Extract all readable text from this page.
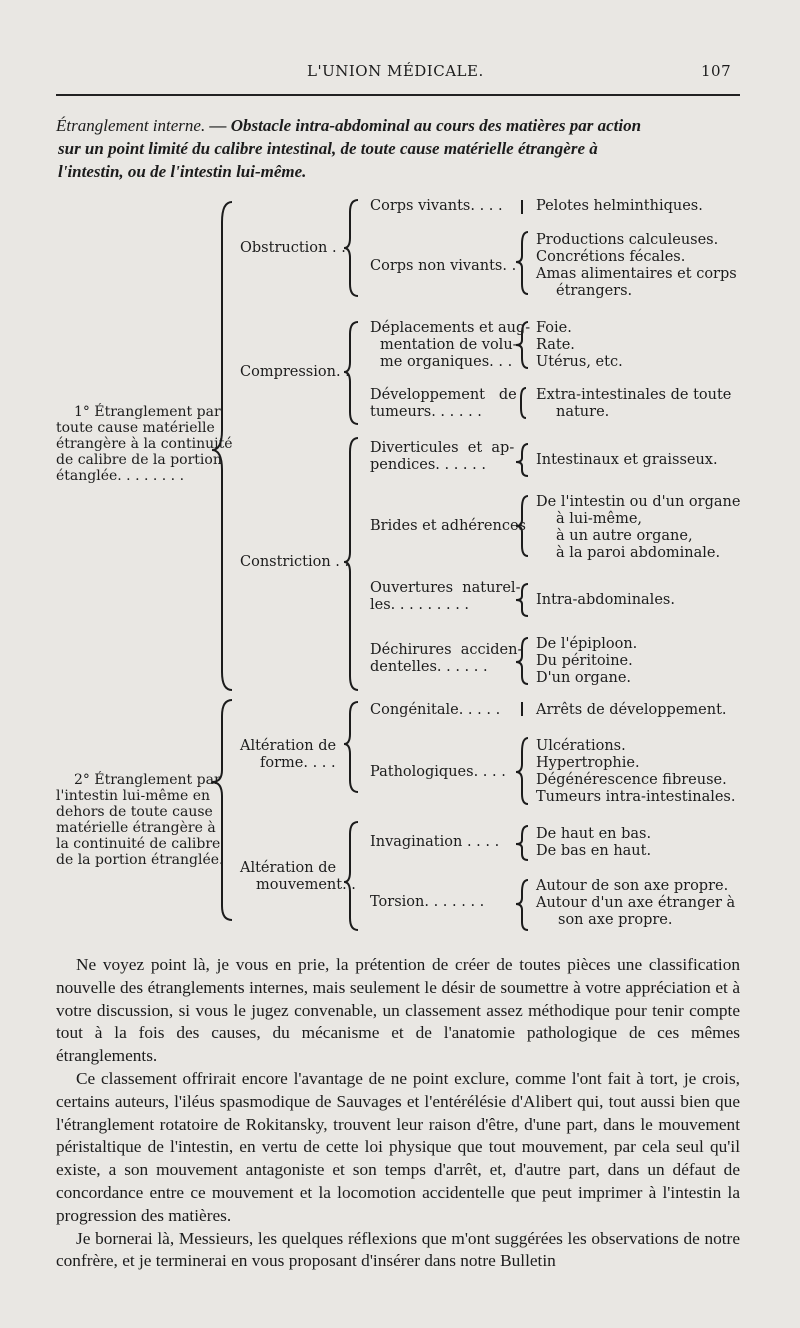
L'UNION MÉDICALE.	107
Étranglement interne. — Obstacle intra-abdominal au cours des matières par action
sur un point limité du calibre intestinal, de toute cause matérielle étrangère à
l'intestin, ou de l'intestin lui-même.
1° Étranglement par
toute cause matérielle
étrangère à la continuité
de calibre de la portion
étanglée. . . . . . . .
2° Étranglement par
l'intestin lui-même en
dehors de toute cause
matérielle étrangère à
la continuité de calibre
de la portion étranglée.
Obstruction . .
Compression. .
Constriction . .
Altération de
forme. . . .
Altération de
mouvement. .
Corps vivants. . . .
Corps non vivants. .
Déplacements et aug-
mentation de volu-
me organiques. . .
Développement   de
tumeurs. . . . . .
Diverticules  et  ap-
pendices. . . . . .
Brides et adhérences
Ouvertures  naturel-
les. . . . . . . . .
Déchirures  acciden-
dentelles. . . . . .
Congénitale. . . . .
Pathologiques. . . .
Invagination . . . .
Torsion. . . . . . .
Pelotes helminthiques.
Productions calculeuses.
Concrétions fécales.
Amas alimentaires et corps
étrangers.
Foie.
Rate.
Utérus, etc.
Extra-intestinales de toute
nature.
Intestinaux et graisseux.
De l'intestin ou d'un organe
à lui-même,
à un autre organe,
à la paroi abdominale.
Intra-abdominales.
De l'épiploon.
Du péritoine.
D'un organe.
Arrêts de développement.
Ulcérations.
Hypertrophie.
Dégénérescence fibreuse.
Tumeurs intra-intestinales.
De haut en bas.
De bas en haut.
Autour de son axe propre.
Autour d'un axe étranger à
son axe propre.

Ne voyez point là, je vous en prie, la prétention de créer de toutes pièces une classification nouvelle des étranglements internes, mais seulement le désir de soumettre à votre appréciation et à votre discussion, si vous le jugez convenable, un classement assez méthodique pour tenir compte tout à la fois des causes, du mécanisme et de l'anatomie pathologique de ces mêmes étranglements.

Ce classement offrirait encore l'avantage de ne point exclure, comme l'ont fait à tort, je crois, certains auteurs, l'iléus spasmodique de Sauvages et l'entérélésie d'Alibert qui, tout aussi bien que l'étranglement rotatoire de Rokitansky, trouvent leur raison d'être, d'une part, dans le mouvement péristaltique de l'intestin, en vertu de cette loi physique que tout mouvement, par cela seul qu'il existe, a son mouvement antagoniste et son temps d'arrêt, et, d'autre part, dans un défaut de concordance entre ce mouvement et la locomotion accidentelle que peut imprimer à l'intestin la progression des matières.

Je bornerai là, Messieurs, les quelques réflexions que m'ont suggérées les observations de notre confrère, et je terminerai en vous proposant d'insérer dans notre Bulletin
